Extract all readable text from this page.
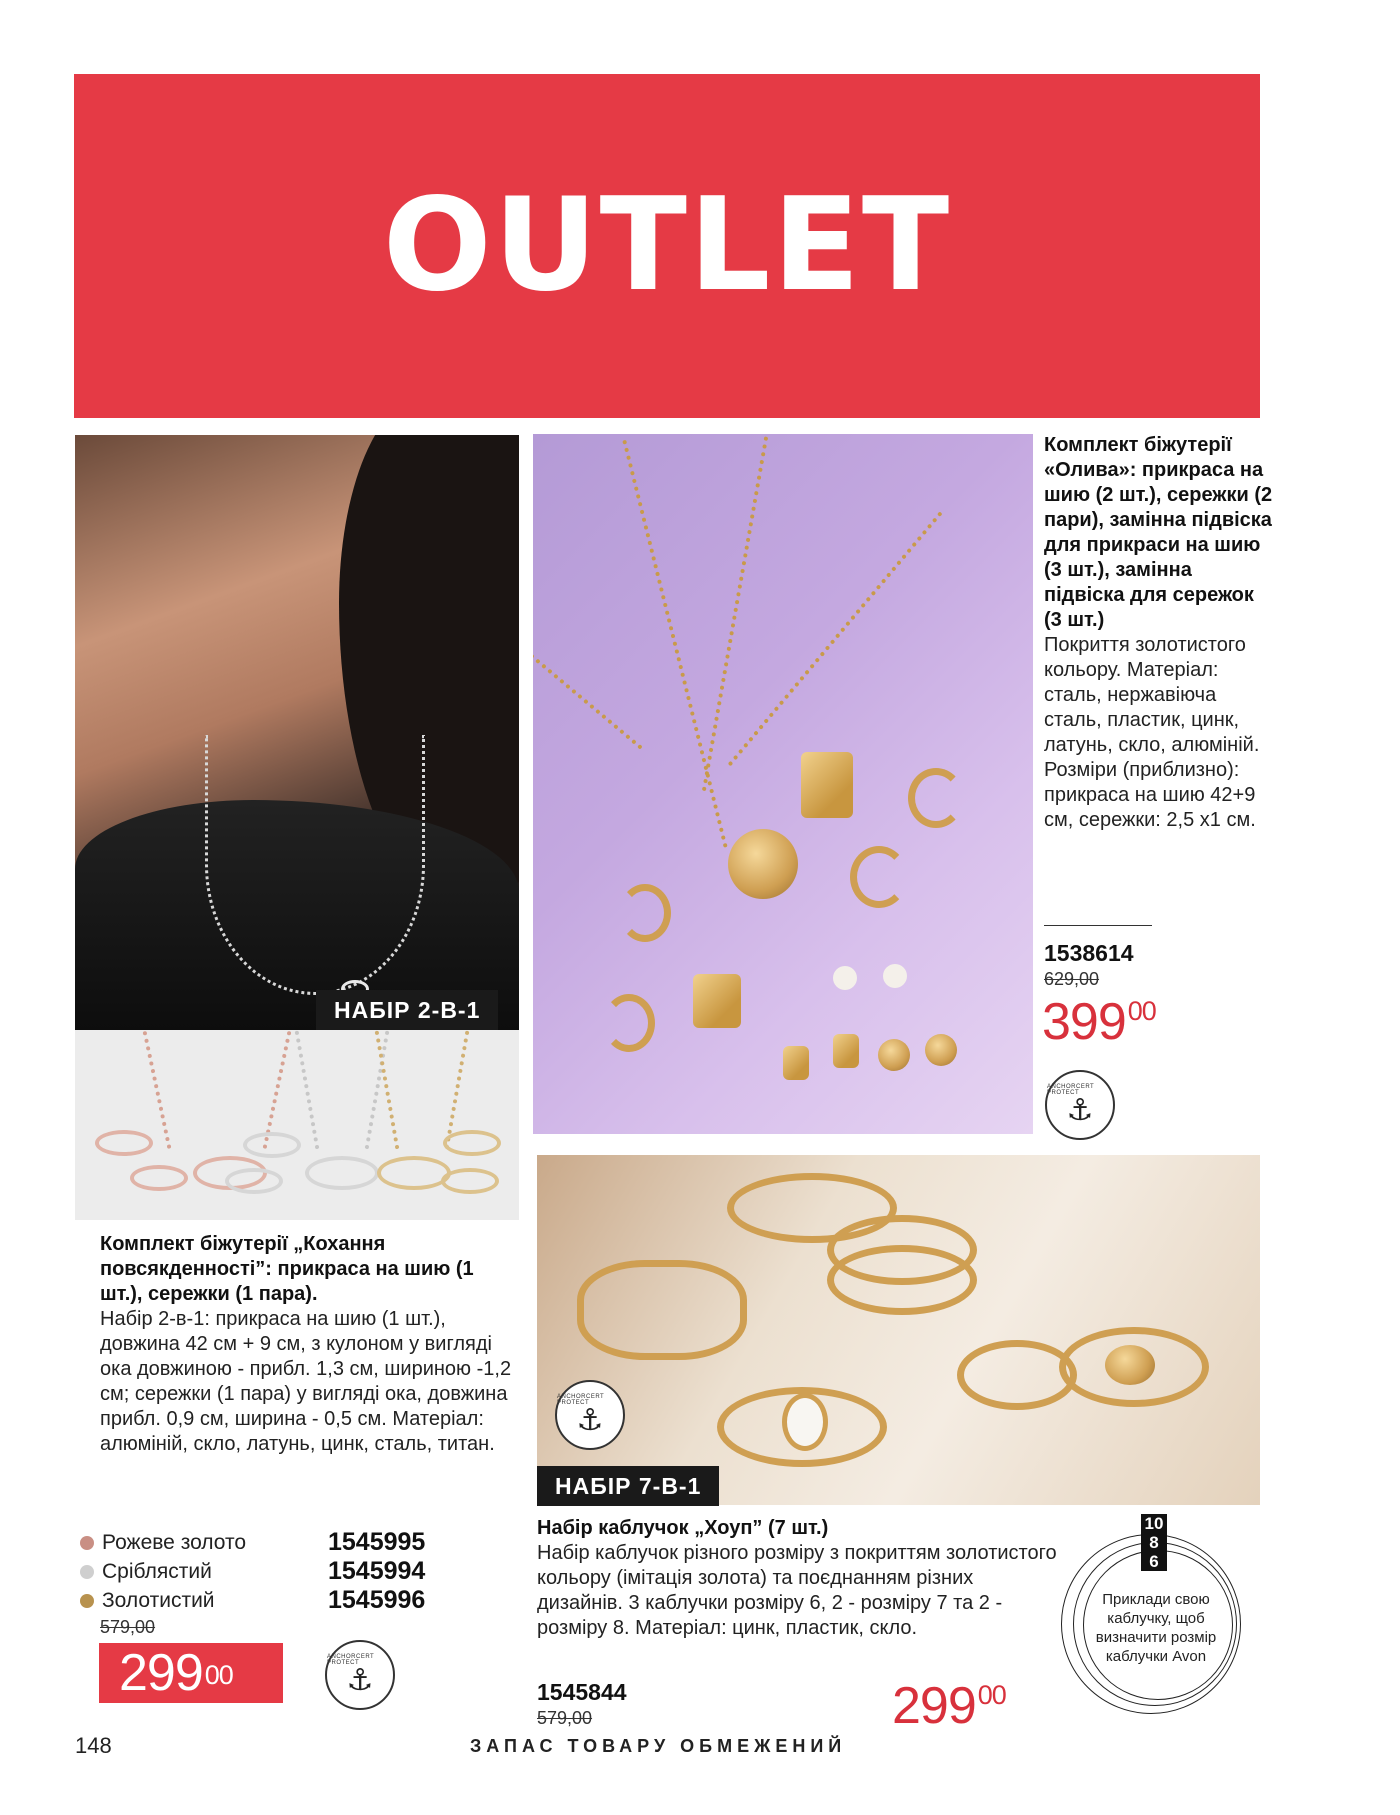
OUTLET
НАБІР 2-В-1
Комплект біжутерії «Олива»: прикраса на шию (2 шт.), сережки (2 пари), замінна підвіска для прикраси на шию (3 шт.), замінна підвіска для сережок (3 шт.)
Покриття золотистого кольору. Матеріал: сталь, нержавіюча сталь, пластик, цинк, латунь, скло, алюміній. Розміри (приблизно): прикраса на шию 42+9 см, сережки: 2,5 x1 см.
1538614
629,00
$399^{00}$
ANCHORCERT PROTECT
⚓
Комплект біжутерії „Кохання повсякденності”: прикраса на шию (1 шт.), сережки (1 пара).
Набір 2-в-1: прикраса на шию (1 шт.), довжина 42 см + 9 см, з кулоном у вигляді ока довжиною - прибл. 1,3 см, шириною -1,2 см; сережки (1 пара) у вигляді ока, довжина прибл. 0,9 см, ширина - 0,5 см. Матеріал: алюміній, скло, латунь, цинк, сталь, титан.
Рожеве золото	1545995
Сріблястий	1545994
Золотистий	1545996
579,00
$299^{00}$
ANCHORCERT PROTECT
⚓
НАБІР 7-В-1
ANCHORCERT PROTECT
⚓
Набір каблучок „Хоуп” (7 шт.)
Набір каблучок різного розміру з покриттям золотистого кольору (імітація золота) та поєднанням різних дизайнів. 3 каблучки розміру 6, 2 - розміру 7 та 2 - розміру 8. Матеріал: цинк, пластик, скло.
1545844
579,00	$299^{00}$
10
8
6
Приклади свою каблучку, щоб визначити розмір каблучки Avon
148	ЗАПАС ТОВАРУ ОБМЕЖЕНИЙ
